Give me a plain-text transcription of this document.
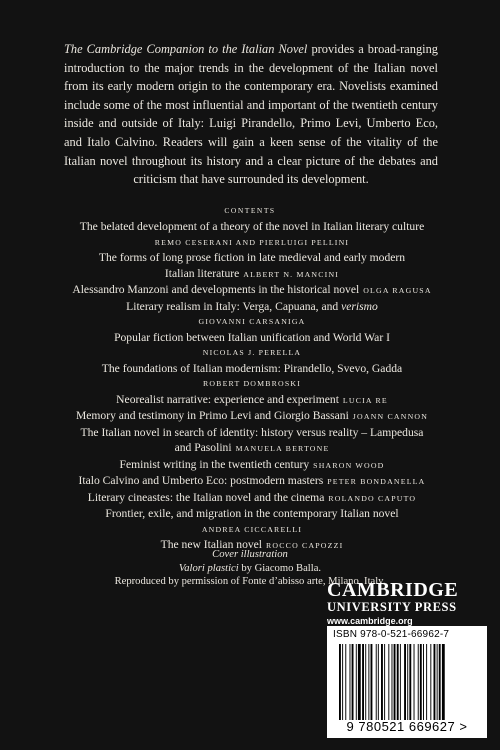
The Cambridge Companion to the Italian Novel provides a broad-ranging introduction to the major trends in the development of the Italian novel from its early modern origin to the contemporary era. Novelists examined include some of the most influential and important of the twentieth century inside and outside of Italy: Luigi Pirandello, Primo Levi, Umberto Eco, and Italo Calvino. Readers will gain a keen sense of the vitality of the Italian novel throughout its history and a clear picture of the debates and criticism that have surrounded its development.
CONTENTS
The belated development of a theory of the novel in Italian literary culture
REMO CESERANI AND PIERLUIGI PELLINI
The forms of long prose fiction in late medieval and early modern
Italian literature ALBERT N. MANCINI
Alessandro Manzoni and developments in the historical novel OLGA RAGUSA
Literary realism in Italy: Verga, Capuana, and verismo
GIOVANNI CARSANIGA
Popular fiction between Italian unification and World War I
NICOLAS J. PERELLA
The foundations of Italian modernism: Pirandello, Svevo, Gadda
ROBERT DOMBROSKI
Neorealist narrative: experience and experiment LUCIA RE
Memory and testimony in Primo Levi and Giorgio Bassani JOANN CANNON
The Italian novel in search of identity: history versus reality – Lampedusa
and Pasolini MANUELA BERTONE
Feminist writing in the twentieth century SHARON WOOD
Italo Calvino and Umberto Eco: postmodern masters PETER BONDANELLA
Literary cineastes: the Italian novel and the cinema ROLANDO CAPUTO
Frontier, exile, and migration in the contemporary Italian novel
ANDREA CICCARELLI
The new Italian novel ROCCO CAPOZZI
Cover illustration
Valori plastici by Giacomo Balla.
Reproduced by permission of Fonte d’abisso arte, Milano, Italy.
CAMBRIDGE
UNIVERSITY PRESS
www.cambridge.org
ISBN 978-0-521-66962-7
9 780521 669627 >
